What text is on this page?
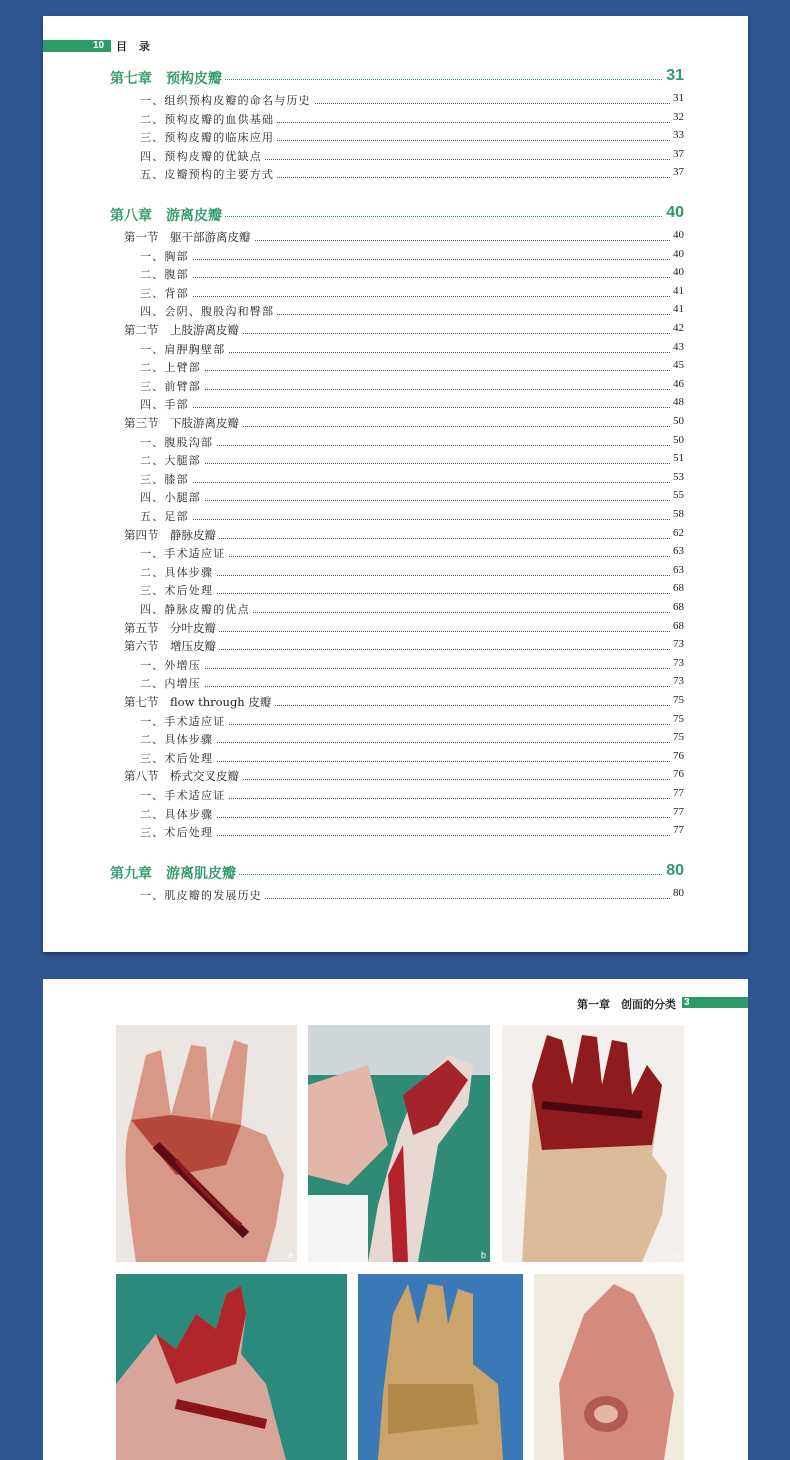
10 目 录
第七章　预构皮瓣	31
一、组织预构皮瓣的命名与历史	31
二、预构皮瓣的血供基础	32
三、预构皮瓣的临床应用	33
四、预构皮瓣的优缺点	37
五、皮瓣预构的主要方式	37
第八章　游离皮瓣	40
第一节　躯干部游离皮瓣	40
一、胸部	40
二、腹部	40
三、背部	41
四、会阴、腹股沟和臀部	41
第二节　上肢游离皮瓣	42
一、肩胛胸壁部	43
二、上臂部	45
三、前臂部	46
四、手部	48
第三节　下肢游离皮瓣	50
一、腹股沟部	50
二、大腿部	51
三、膝部	53
四、小腿部	55
五、足部	58
第四节　静脉皮瓣	62
一、手术适应证	63
二、具体步骤	63
三、术后处理	68
四、静脉皮瓣的优点	68
第五节　分叶皮瓣	68
第六节　增压皮瓣	73
一、外增压	73
二、内增压	73
第七节　flow through 皮瓣	75
一、手术适应证	75
二、具体步骤	75
三、术后处理	76
第八节　桥式交叉皮瓣	76
一、手术适应证	77
二、具体步骤	77
三、术后处理	77
第九章　游离肌皮瓣	80
一、肌皮瓣的发展历史	80
第一章　创面的分类 3
a	b	c
